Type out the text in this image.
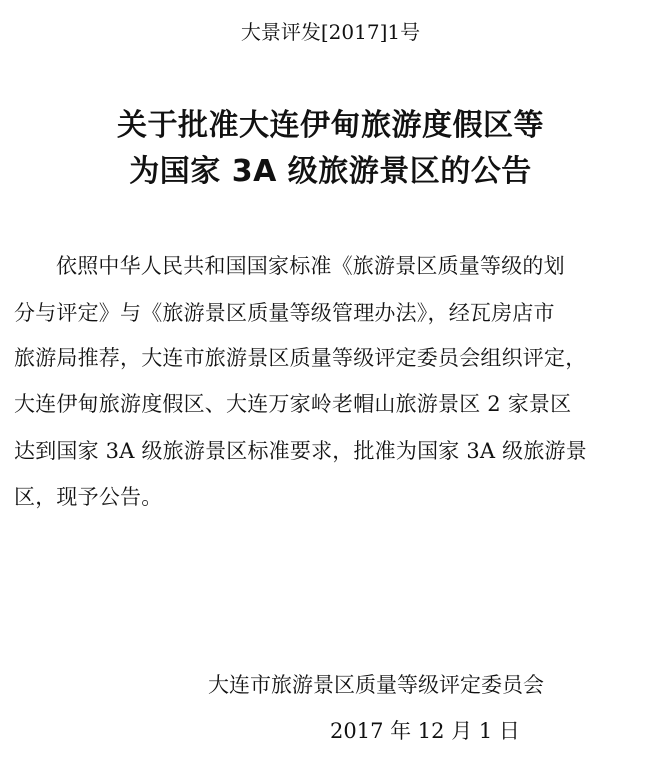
大景评发[2017]1号
关于批准大连伊甸旅游度假区等
为国家 3A 级旅游景区的公告
依照中华人民共和国国家标准《旅游景区质量等级的划
分与评定》与《旅游景区质量等级管理办法》，经瓦房店市
旅游局推荐，大连市旅游景区质量等级评定委员会组织评定，
大连伊甸旅游度假区、大连万家岭老帽山旅游景区 2 家景区
达到国家 3A 级旅游景区标准要求，批准为国家 3A 级旅游景
区，现予公告。
大连市旅游景区质量等级评定委员会
2017 年 12 月 1 日
